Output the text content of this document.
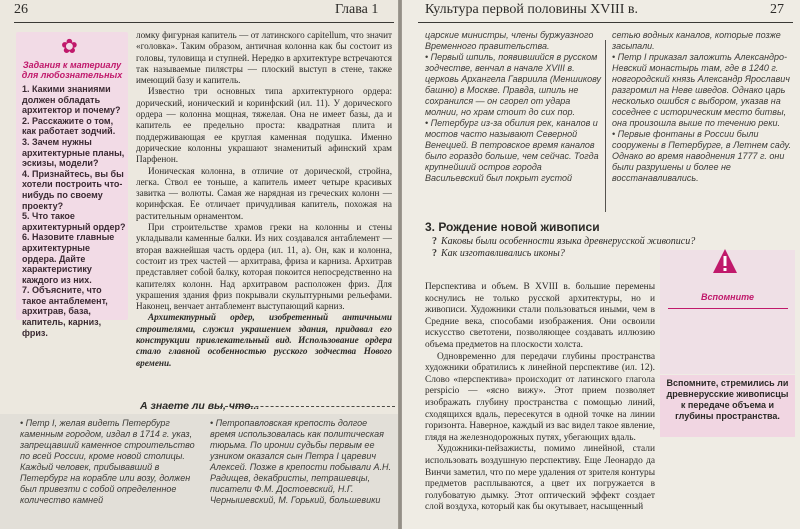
26	Глава 1
✿
Задания к материалу для любознательных
1. Какими знаниями должен обладать архитектор и почему?
2. Расскажите о том, как работает зодчий.
3. Зачем нужны архитектурные планы, эскизы, модели?
4. Признайтесь, вы бы хотели построить что-нибудь по своему проекту?
5. Что такое архитектурный ордер?
6. Назовите главные архитектурные ордера. Дайте характеристику каждого из них.
7. Объясните, что такое антаблемент, архитрав, база, капитель, карниз, фриз.

ломку фигурная капитель — от латинского capitellum, что значит «головка». Таким образом, античная колонна как бы состоит из головы, туловища и ступней. Нередко в архитектуре встречаются так называемые пилястры — плоский выступ в стене, также имеющий базу и капитель.

Известно три основных типа архитектурного ордера: дорический, ионический и коринфский (ил. 11). У дорического ордера — колонна мощная, тяжелая. Она не имеет базы, да и капитель ее предельно проста: квадратная плита и поддерживающая ее круглая каменная подушка. Именно дорические колонны украшают знаменитый афинский храм Парфенон.

Ионическая колонна, в отличие от дорической, стройна, легка. Ствол ее тоньше, а капитель имеет четыре красивых завитка — волюты. Самая же нарядная из греческих колонн — коринфская. Ее отличает причудливая капитель, похожая на растительным орнаментом.

При строительстве храмов греки на колонны и стены укладывали каменные балки. Из них создавался антаблемент — вторая важнейшая часть ордера (ил. 11, а). Он, как и колонна, состоит из трех частей — архитрава, фриза и карниза. Архитрав представляет собой балку, которая покоится непосредственно на капителях колонн. Над архитравом расположен фриз. Для украшения здания фриз покрывали скульптурными рельефами. Наконец, венчает антаблемент выступающий карниз.

Архитектурный ордер, изобретенный античными строителями, служил украшением здания, придавал его конструкции привлекательный вид. Использование ордера стало главной особенностью русского зодчества Нового времени.

А знаете ли вы, что...

• Петр I, желая видеть Петербург каменным городом, издал в 1714 г. указ, запрещавший каменное строительство по всей России, кроме новой столицы. Каждый человек, прибывавший в Петербург на корабле или возу, должен был привезти с собой определенное количество камней

• Петропавловская крепость долгое время использовалась как политическая тюрьма. По иронии судьбы первым ее узником оказался сын Петра I царевич Алексей. Позже в крепости побывали А.Н. Радищев, декабристы, петрашевцы, писатели Ф.М. Достоевский, Н.Г. Чернышевский, М. Горький, большевики

Культура первой половины XVIII в.	27

царские министры, члены буржуазного Временного правительства.

• Первый шпиль, появившийся в русском зодчестве, венчал в начале XVIII в. церковь Архангела Гавриила (Меншикову башню) в Москве. Правда, шпиль не сохранился — он сгорел от удара молнии, но храм стоит до сих пор.

• Петербург из-за обилия рек, каналов и мостов часто называют Северной Венецией. В петровское время каналов было гораздо больше, чем сейчас. Тогда крупнейший остров города Васильевский был покрыт густой

сетью водных каналов, которые позже засыпали.

• Петр I приказал заложить Александро-Невский монастырь там, где в 1240 г. новгородский князь Александр Ярославич разгромил на Неве шведов. Однако царь несколько ошибся с выбором, указав на соседнее с историческим место битвы, она произошла выше по течению реки.

• Первые фонтаны в России были сооружены в Петербурге, в Летнем саду. Однако во время наводнения 1777 г. они были разрушены и более не восстанавливались.

3. Рождение новой живописи
? Каковы были особенности языка древнерусской живописи?
? Как изготавливались иконы?
Вспомните
Вспомните, стремились ли древнерусские живописцы к передаче объема и глубины пространства.

Перспектива и объем. В XVIII в. большие перемены коснулись не только русской архитектуры, но и живописи. Художники стали пользоваться иными, чем в Средние века, способами изображения. Они освоили искусство светотени, позволяющее создавать иллюзию объема предметов на плоскости холста.

Одновременно для передачи глубины пространства художники обратились к линейной перспективе (ил. 12). Слово «перспектива» происходит от латинского глагола perspicio — «ясно вижу». Этот прием позволяет изображать глубину пространства с помощью линий, сходящихся вдаль, пересекутся в одной точке на линии горизонта. Наверное, каждый из вас видел такое явление, глядя на железнодорожных путях, убегающих вдаль.

Художники-пейзажисты, помимо линейной, стали использовать воздушную перспективу. Еще Леонардо да Винчи заметил, что по мере удаления от зрителя контуры предметов расплываются, а цвет их погружается в голубоватую дымку. Этот оптический эффект создает слой воздуха, который как бы окутывает, насыщенный
